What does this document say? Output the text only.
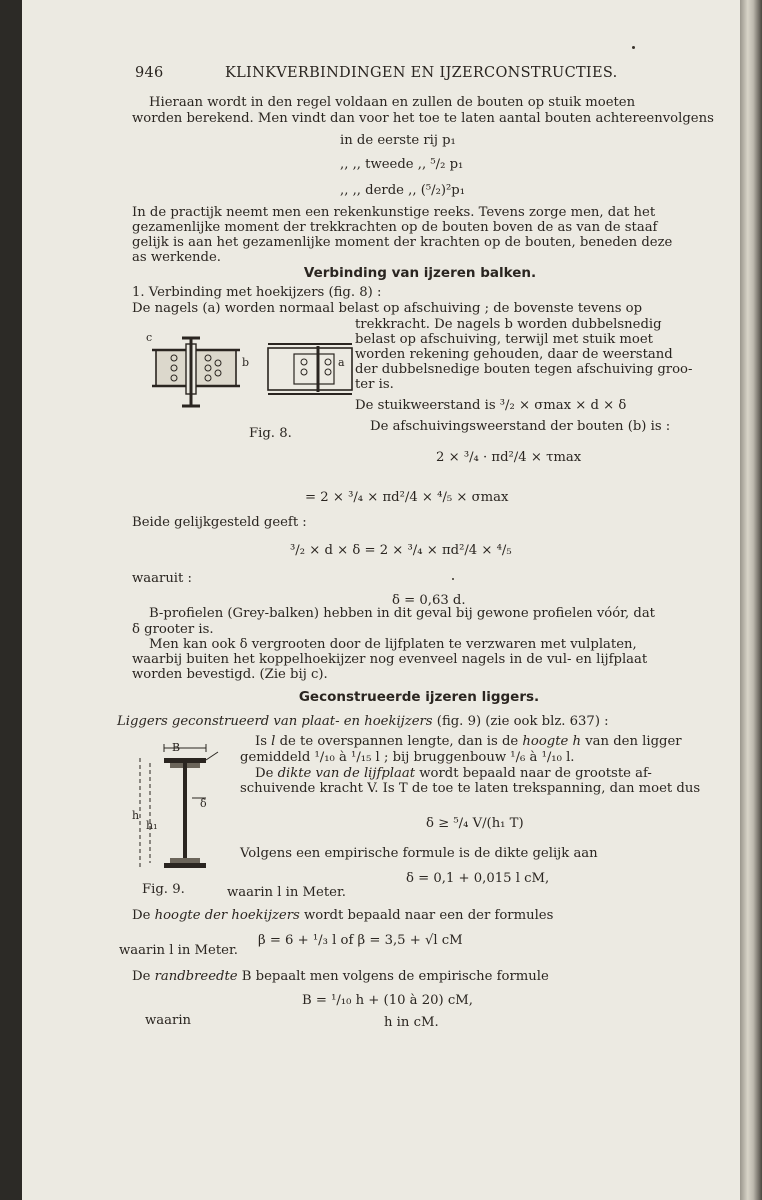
946	KLINKVERBINDINGEN EN IJZERCONSTRUCTIES.
Hieraan wordt in den regel voldaan en zullen de bouten op stuik moeten
worden berekend. Men vindt dan voor het toe te laten aantal bouten achtereenvolgens
in de eerste rij p₁
,, ,, tweede ,, ⁵/₂ p₁
,, ,, derde ,, (⁵/₂)²p₁
In de practijk neemt men een rekenkunstige reeks. Tevens zorge men, dat het
gezamenlijke moment der trekkrachten op de bouten boven de as van de staaf
gelijk is aan het gezamenlijke moment der krachten op de bouten, beneden deze
as werkende.
Verbinding van ijzeren balken.
1. Verbinding met hoekijzers (fig. 8) :
De nagels (a) worden normaal belast op afschuiving ; de bovenste tevens op
trekkracht. De nagels b worden dubbelsnedig
belast op afschuiving, terwijl met stuik moet
worden rekening gehouden, daar de weerstand
der dubbelsnedige bouten tegen afschuiving groo-
ter is.
De stuikweerstand is ³/₂ × σmax × d × δ
De afschuivingsweerstand der bouten (b) is :
c
b	a
Fig. 8.
2 × ³/₄ · πd²/4 × τmax
= 2 × ³/₄ × πd²/4 × ⁴/₅ × σmax
Beide gelijkgesteld geeft :
³/₂ × d × δ = 2 × ³/₄ × πd²/4 × ⁴/₅
waaruit :
δ = 0,63 d.
B-profielen (Grey-balken) hebben in dit geval bij gewone profielen vóór, dat
δ grooter is.
Men kan ook δ vergrooten door de lijfplaten te verzwaren met vulplaten,
waarbij buiten het koppelhoekijzer nog evenveel nagels in de vul- en lijfplaat
worden bevestigd. (Zie bij c).
Geconstrueerde ijzeren liggers.
Liggers geconstrueerd van plaat- en hoekijzers (fig. 9) (zie ook blz. 637) :
B
h
h₁
δ
Is l de te overspannen lengte, dan is de hoogte h van den ligger
gemiddeld ¹/₁₀ à ¹/₁₅ l ; bij bruggenbouw ¹/₆ à ¹/₁₀ l.
De dikte van de lijfplaat wordt bepaald naar de grootste af-
schuivende kracht V. Is T de toe te laten trekspanning, dan moet dus
δ ≥ ⁵/₄ V/(h₁ T)
Volgens een empirische formule is de dikte gelijk aan
δ = 0,1 + 0,015 l cM,
Fig. 9.	waarin l in Meter.
De hoogte der hoekijzers wordt bepaald naar een der formules
β = 6 + ¹/₃ l of β = 3,5 + √l cM
waarin l in Meter.
De randbreedte B bepaalt men volgens de empirische formule
B = ¹/₁₀ h + (10 à 20) cM,
waarin	h in cM.
